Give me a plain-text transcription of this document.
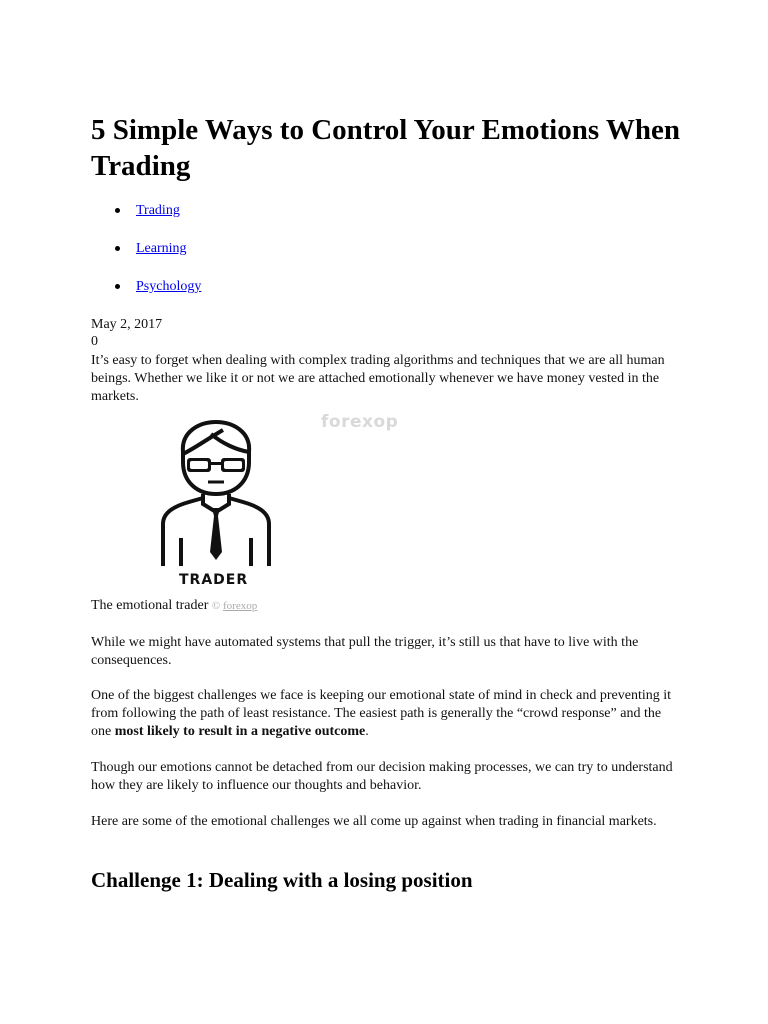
5 Simple Ways to Control Your Emotions When Trading
Trading
Learning
Psychology
May 2, 2017
0

It’s easy to forget when dealing with complex trading algorithms and techniques that we are all human beings. Whether we like it or not we are attached emotionally whenever we have money vested in the markets.

forexop
TRADER
The emotional trader © forexop

While we might have automated systems that pull the trigger, it’s still us that have to live with the consequences.

One of the biggest challenges we face is keeping our emotional state of mind in check and preventing it from following the path of least resistance. The easiest path is generally the “crowd response” and the one most likely to result in a negative outcome.

Though our emotions cannot be detached from our decision making processes, we can try to understand how they are likely to influence our thoughts and behavior.

Here are some of the emotional challenges we all come up against when trading in financial markets.

Challenge 1: Dealing with a losing position
